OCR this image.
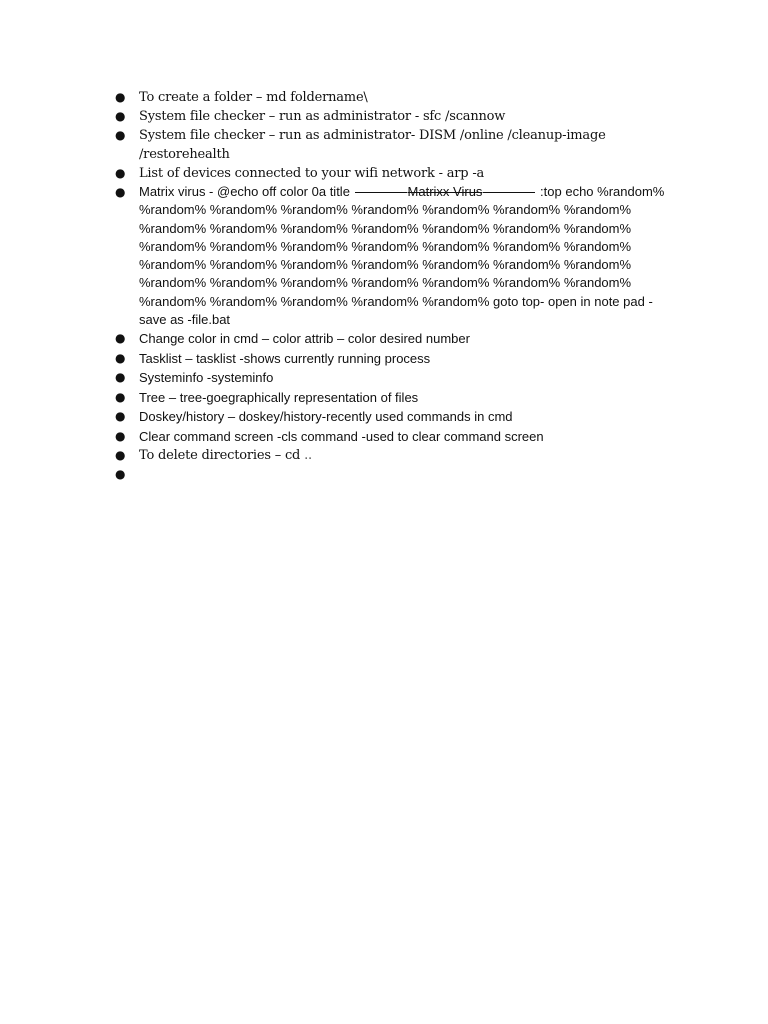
● To create a folder – md foldername\
● System file checker – run as administrator - sfc /scannow
● System file checker – run as administrator- DISM /online /cleanup-image /restorehealth
● List of devices connected to your wifi network - arp -a
● Matrix virus - @echo off color 0a title	Matrixx Virus	:top echo %random% %random% %random% %random% %random% %random% %random% %random% %random% %random% %random% %random% %random% %random% %random% %random% %random% %random% %random% %random% %random% %random% %random% %random% %random% %random% %random% %random% %random% %random% %random% %random% %random% %random% %random% %random% %random% %random% %random% %random% %random% goto top- open in note pad - save as -file.bat
● Change color in cmd – color attrib – color desired number
● Tasklist – tasklist -shows currently running process
● Systeminfo -systeminfo
● Tree – tree-goegraphically representation of files
● Doskey/history – doskey/history-recently used commands in cmd
● Clear command screen -cls command -used to clear command screen
● To delete directories – cd ..
●
